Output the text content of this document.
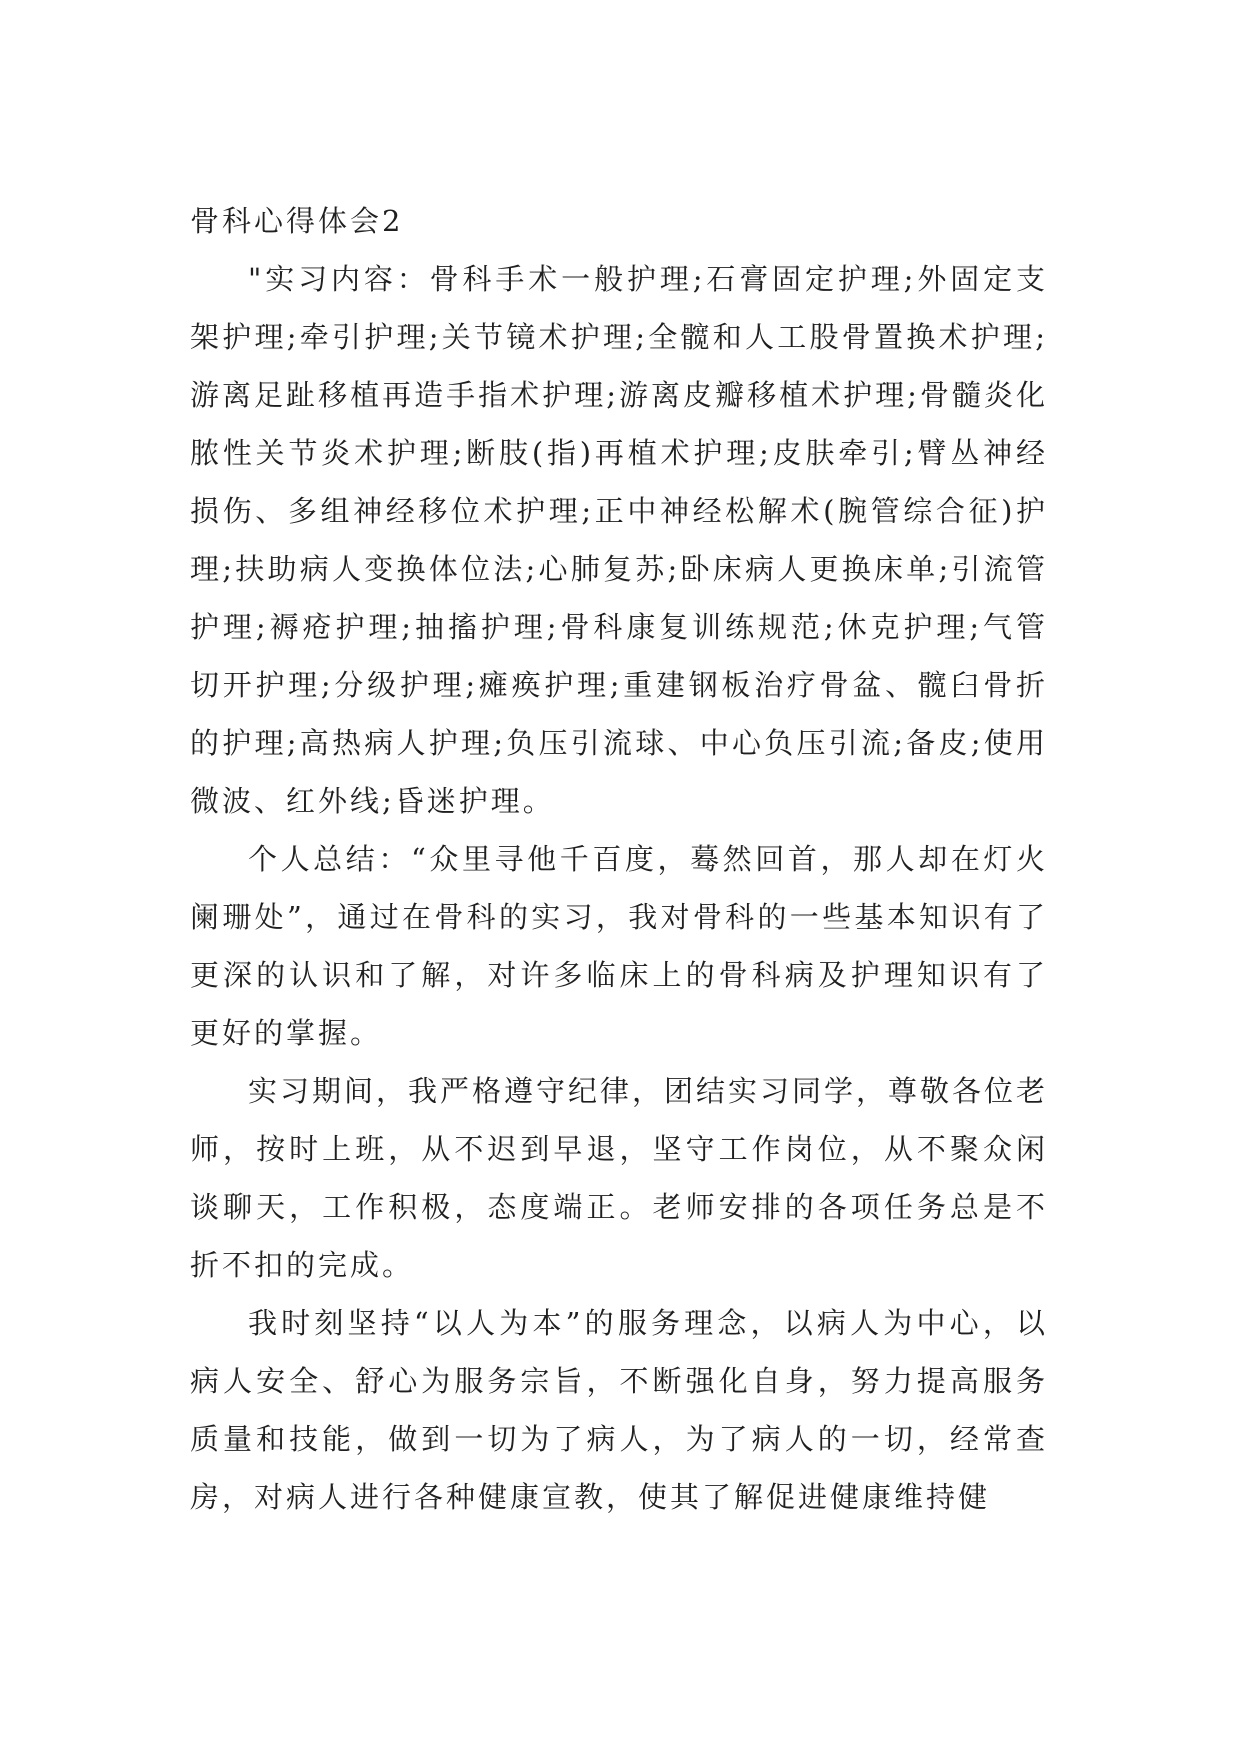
骨科心得体会2

"实习内容：骨科手术一般护理;石膏固定护理;外固定支架护理;牵引护理;关节镜术护理;全髋和人工股骨置换术护理;游离足趾移植再造手指术护理;游离皮瓣移植术护理;骨髓炎化脓性关节炎术护理;断肢(指)再植术护理;皮肤牵引;臂丛神经损伤、多组神经移位术护理;正中神经松解术(腕管综合征)护理;扶助病人变换体位法;心肺复苏;卧床病人更换床单;引流管护理;褥疮护理;抽搐护理;骨科康复训练规范;休克护理;气管切开护理;分级护理;瘫痪护理;重建钢板治疗骨盆、髋臼骨折的护理;高热病人护理;负压引流球、中心负压引流;备皮;使用微波、红外线;昏迷护理。

个人总结：“众里寻他千百度，蓦然回首，那人却在灯火阑珊处”，通过在骨科的实习，我对骨科的一些基本知识有了更深的认识和了解，对许多临床上的骨科病及护理知识有了更好的掌握。

实习期间，我严格遵守纪律，团结实习同学，尊敬各位老师，按时上班，从不迟到早退，坚守工作岗位，从不聚众闲谈聊天，工作积极，态度端正。老师安排的各项任务总是不折不扣的完成。

我时刻坚持“以人为本”的服务理念，以病人为中心，以病人安全、舒心为服务宗旨，不断强化自身，努力提高服务质量和技能，做到一切为了病人，为了病人的一切，经常查房，对病人进行各种健康宣教，使其了解促进健康维持健
